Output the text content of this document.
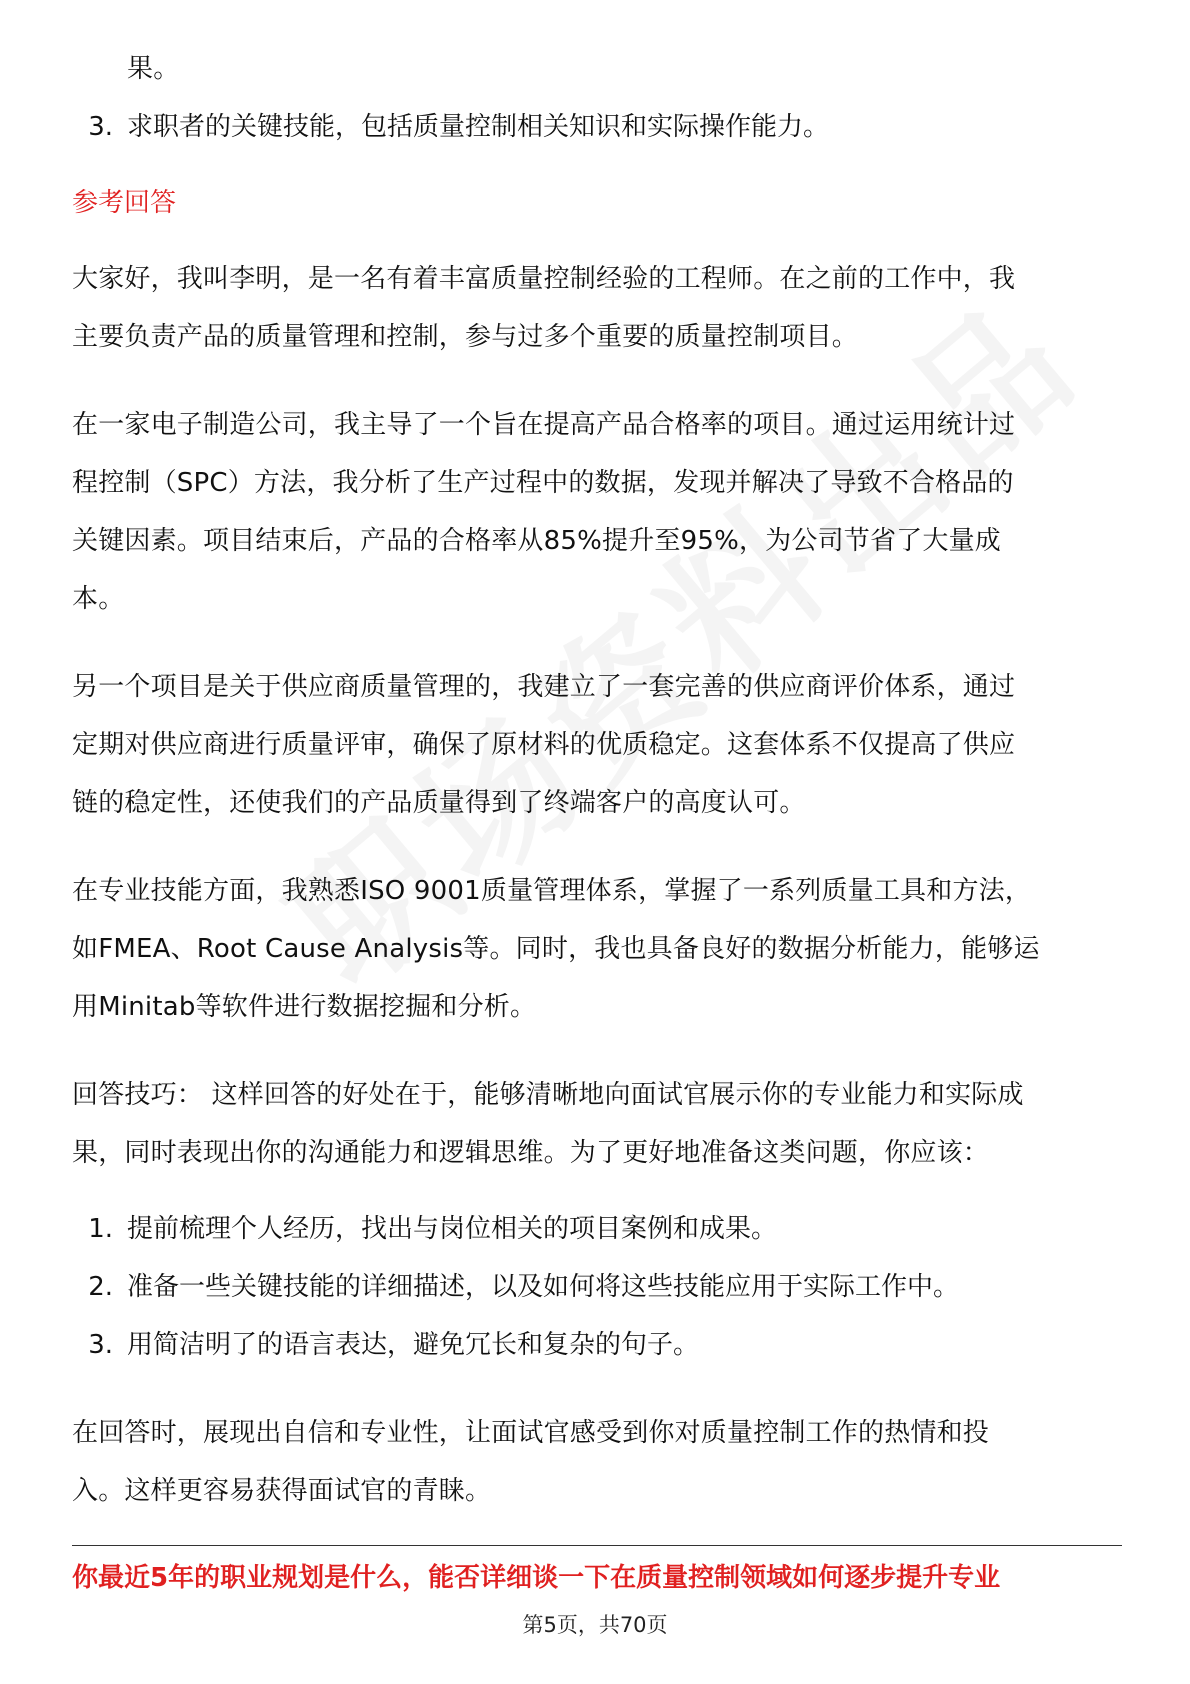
果。

3. 求职者的关键技能，包括质量控制相关知识和实际操作能力。

参考回答

大家好，我叫李明，是一名有着丰富质量控制经验的工程师。在之前的工作中，我

主要负责产品的质量管理和控制，参与过多个重要的质量控制项目。

在一家电子制造公司，我主导了一个旨在提高产品合格率的项目。通过运用统计过

程控制（SPC）方法，我分析了生产过程中的数据，发现并解决了导致不合格品的

关键因素。项目结束后，产品的合格率从85%提升至95%，为公司节省了大量成

本。

另一个项目是关于供应商质量管理的，我建立了一套完善的供应商评价体系，通过

定期对供应商进行质量评审，确保了原材料的优质稳定。这套体系不仅提高了供应

链的稳定性，还使我们的产品质量得到了终端客户的高度认可。

在专业技能方面，我熟悉ISO 9001质量管理体系，掌握了一系列质量工具和方法，

如FMEA、Root Cause Analysis等。同时，我也具备良好的数据分析能力，能够运

用Minitab等软件进行数据挖掘和分析。

回答技巧： 这样回答的好处在于，能够清晰地向面试官展示你的专业能力和实际成

果，同时表现出你的沟通能力和逻辑思维。为了更好地准备这类问题，你应该：

1. 提前梳理个人经历，找出与岗位相关的项目案例和成果。
2. 准备一些关键技能的详细描述，以及如何将这些技能应用于实际工作中。
3. 用简洁明了的语言表达，避免冗长和复杂的句子。

在回答时，展现出自信和专业性，让面试官感受到你对质量控制工作的热情和投

入。这样更容易获得面试官的青睐。

你最近5年的职业规划是什么，能否详细谈一下在质量控制领域如何逐步提升专业
第5页，共70页
